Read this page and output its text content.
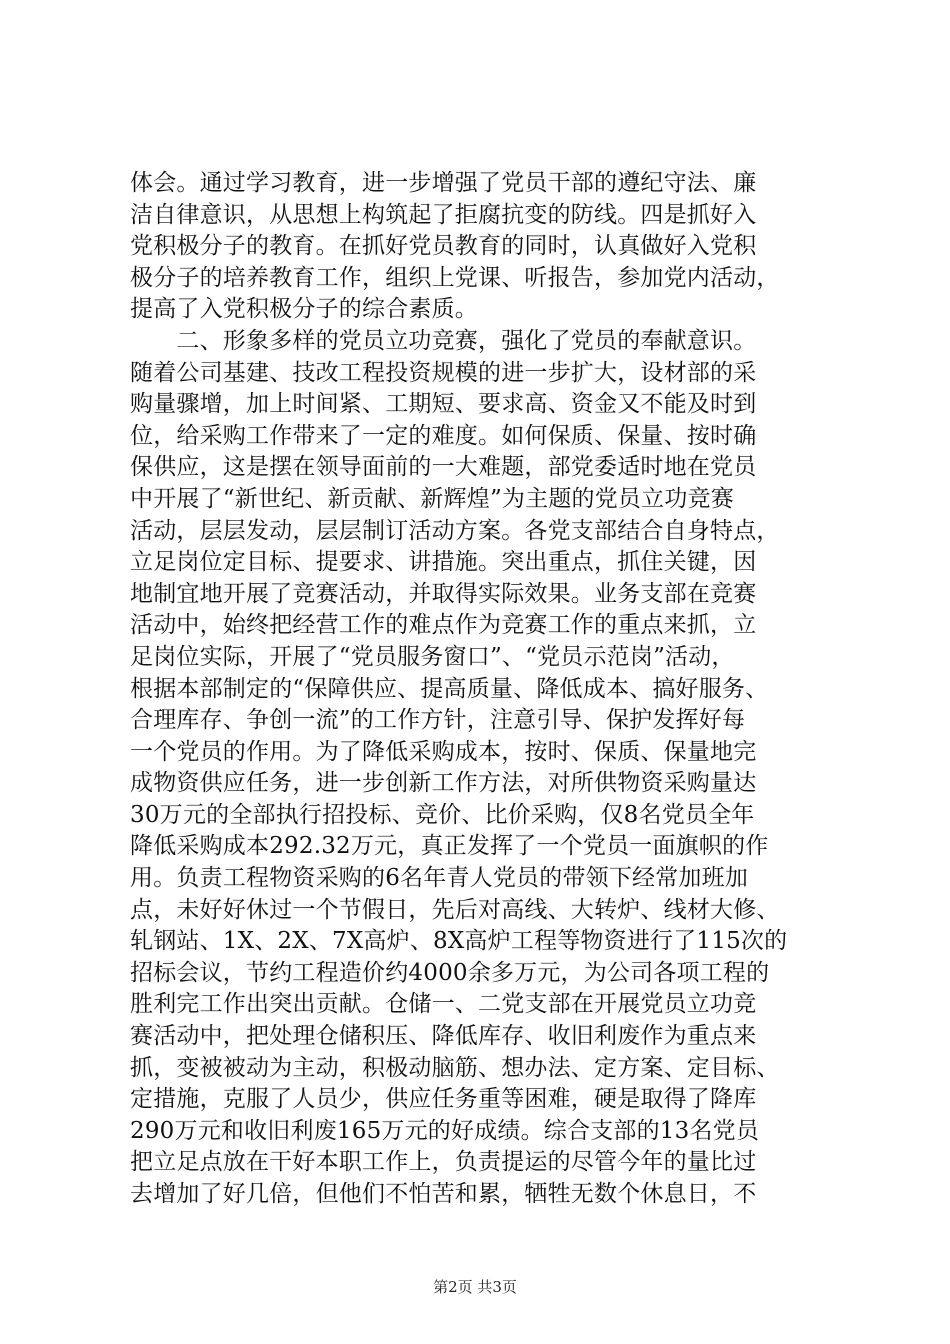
体会。通过学习教育，进一步增强了党员干部的遵纪守法、廉
洁自律意识，从思想上构筑起了拒腐抗变的防线。四是抓好入
党积极分子的教育。在抓好党员教育的同时，认真做好入党积
极分子的培养教育工作，组织上党课、听报告，参加党内活动，
提高了入党积极分子的综合素质。
　　二、形象多样的党员立功竞赛，强化了党员的奉献意识。
随着公司基建、技改工程投资规模的进一步扩大，设材部的采
购量骤增，加上时间紧、工期短、要求高、资金又不能及时到
位，给采购工作带来了一定的难度。如何保质、保量、按时确
保供应，这是摆在领导面前的一大难题，部党委适时地在党员
中开展了“新世纪、新贡献、新辉煌”为主题的党员立功竞赛
活动，层层发动，层层制订活动方案。各党支部结合自身特点，
立足岗位定目标、提要求、讲措施。突出重点，抓住关键，因
地制宜地开展了竞赛活动，并取得实际效果。业务支部在竞赛
活动中，始终把经营工作的难点作为竞赛工作的重点来抓，立
足岗位实际，开展了“党员服务窗口”、“党员示范岗”活动，
根据本部制定的“保障供应、提高质量、降低成本、搞好服务、
合理库存、争创一流”的工作方针，注意引导、保护发挥好每
一个党员的作用。为了降低采购成本，按时、保质、保量地完
成物资供应任务，进一步创新工作方法，对所供物资采购量达
30万元的全部执行招投标、竞价、比价采购，仅8名党员全年
降低采购成本292.32万元，真正发挥了一个党员一面旗帜的作
用。负责工程物资采购的6名年青人党员的带领下经常加班加
点，未好好休过一个节假日，先后对高线、大转炉、线材大修、
轧钢站、1X、2X、7X高炉、8X高炉工程等物资进行了115次的
招标会议，节约工程造价约4000余多万元，为公司各项工程的
胜利完工作出突出贡献。仓储一、二党支部在开展党员立功竞
赛活动中，把处理仓储积压、降低库存、收旧利废作为重点来
抓，变被被动为主动，积极动脑筋、想办法、定方案、定目标、
定措施，克服了人员少，供应任务重等困难，硬是取得了降库
290万元和收旧利废165万元的好成绩。综合支部的13名党员
把立足点放在干好本职工作上，负责提运的尽管今年的量比过
去增加了好几倍，但他们不怕苦和累，牺牲无数个休息日，不
第2页 共3页
